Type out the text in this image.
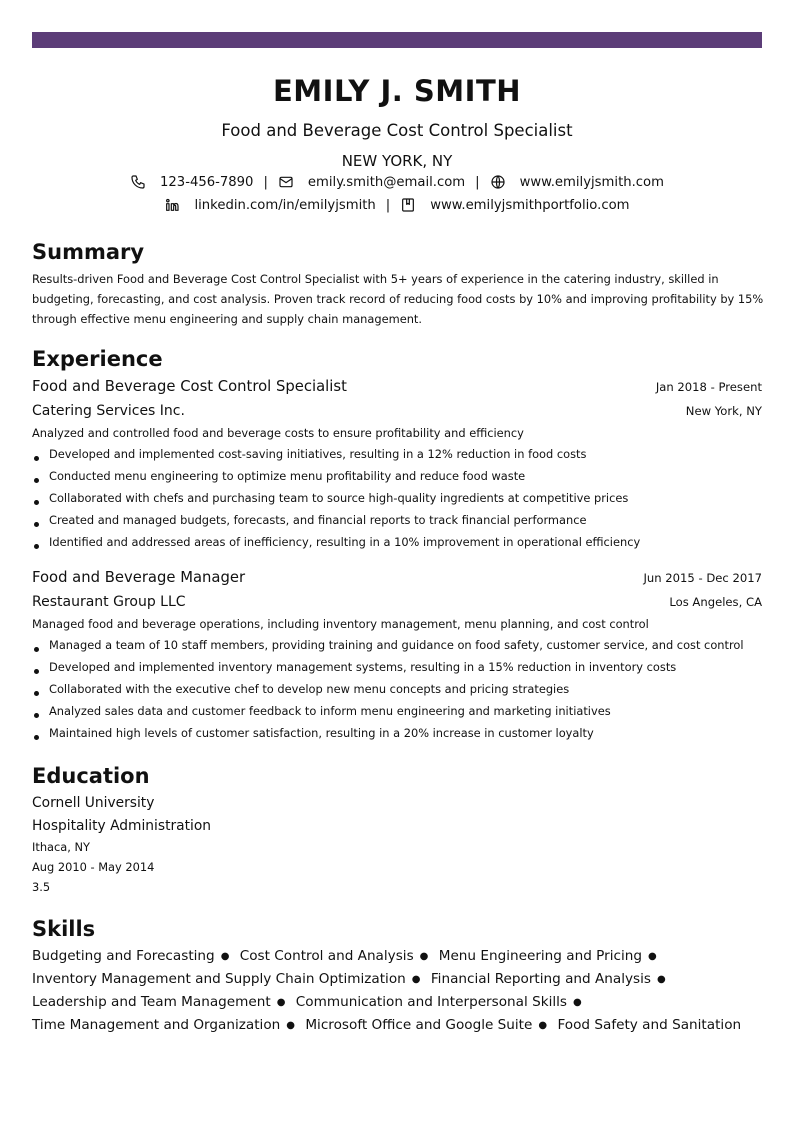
EMILY J. SMITH
Food and Beverage Cost Control Specialist
NEW YORK, NY
123-456-7890 |	emily.smith@email.com |	www.emilyjsmith.com
linkedin.com/in/emilyjsmith |	www.emilyjsmithportfolio.com
Summary
Results-driven Food and Beverage Cost Control Specialist with 5+ years of experience in the catering industry, skilled in budgeting, forecasting, and cost analysis. Proven track record of reducing food costs by 10% and improving profitability by 15% through effective menu engineering and supply chain management.
Experience
Food and Beverage Cost Control Specialist	Jan 2018 - Present
Catering Services Inc.	New York, NY
Analyzed and controlled food and beverage costs to ensure profitability and efficiency
Developed and implemented cost-saving initiatives, resulting in a 12% reduction in food costs
Conducted menu engineering to optimize menu profitability and reduce food waste
Collaborated with chefs and purchasing team to source high-quality ingredients at competitive prices
Created and managed budgets, forecasts, and financial reports to track financial performance
Identified and addressed areas of inefficiency, resulting in a 10% improvement in operational efficiency
Food and Beverage Manager	Jun 2015 - Dec 2017
Restaurant Group LLC	Los Angeles, CA
Managed food and beverage operations, including inventory management, menu planning, and cost control
Managed a team of 10 staff members, providing training and guidance on food safety, customer service, and cost control
Developed and implemented inventory management systems, resulting in a 15% reduction in inventory costs
Collaborated with the executive chef to develop new menu concepts and pricing strategies
Analyzed sales data and customer feedback to inform menu engineering and marketing initiatives
Maintained high levels of customer satisfaction, resulting in a 20% increase in customer loyalty
Education
Cornell University
Hospitality Administration
Ithaca, NY
Aug 2010 - May 2014
3.5
Skills
Budgeting and Forecasting ● Cost Control and Analysis ● Menu Engineering and Pricing ●
Inventory Management and Supply Chain Optimization ● Financial Reporting and Analysis ●
Leadership and Team Management ● Communication and Interpersonal Skills ●
Time Management and Organization ● Microsoft Office and Google Suite ● Food Safety and Sanitation
